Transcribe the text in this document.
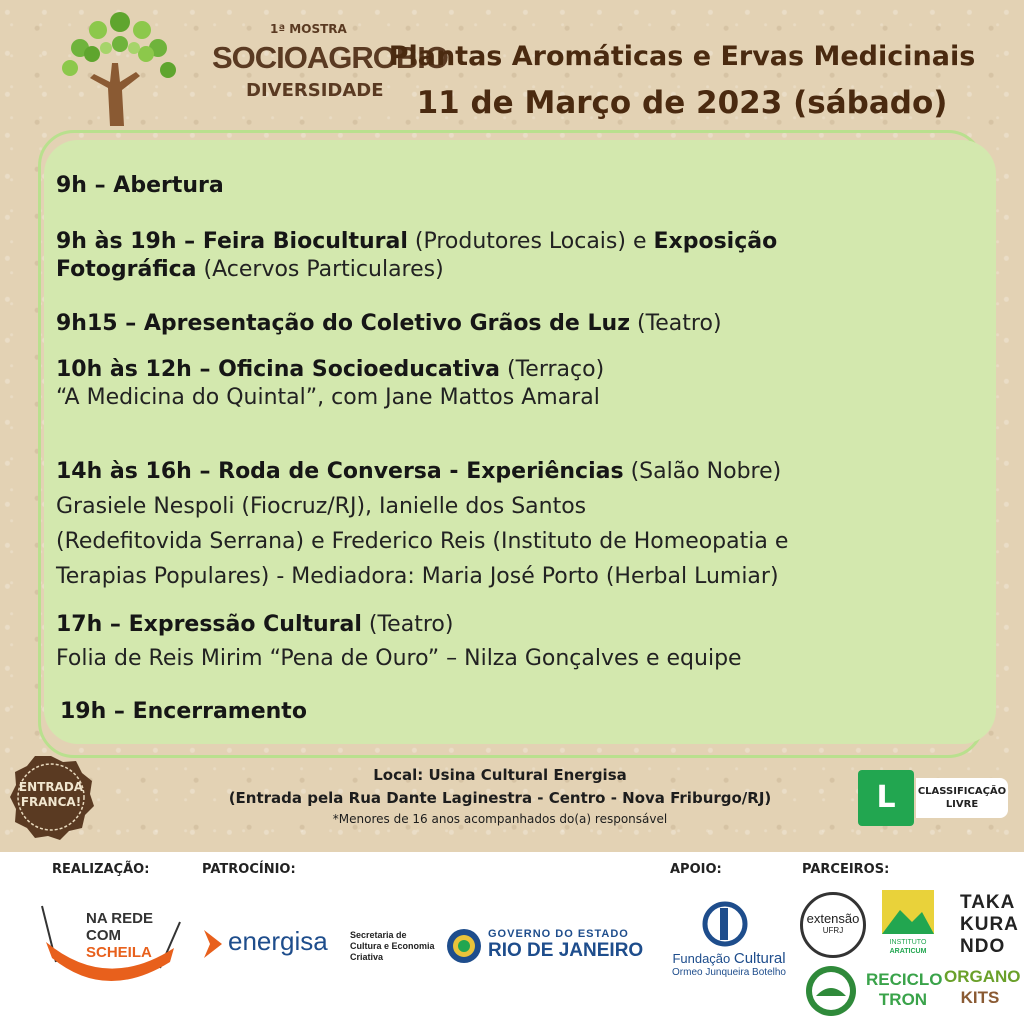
1ª MOSTRA
SOCIOAGROBIO
DIVERSIDADE
Plantas Aromáticas e Ervas Medicinais
11 de Março de 2023 (sábado)
9h – Abertura
9h às 19h – Feira Biocultural (Produtores Locais) e Exposição
Fotográfica (Acervos Particulares)
9h15 – Apresentação do Coletivo Grãos de Luz (Teatro)
10h às 12h – Oficina Socioeducativa (Terraço)
“A Medicina do Quintal”, com Jane Mattos Amaral
14h às 16h – Roda de Conversa - Experiências (Salão Nobre)
Grasiele Nespoli (Fiocruz/RJ), Ianielle dos Santos
(Redefitovida Serrana) e Frederico Reis (Instituto de Homeopatia e
Terapias Populares) - Mediadora: Maria José Porto (Herbal Lumiar)
17h – Expressão Cultural (Teatro)
Folia de Reis Mirim “Pena de Ouro” – Nilza Gonçalves e equipe
19h – Encerramento
ENTRADA
FRANCA!
Local: Usina Cultural Energisa
(Entrada pela Rua Dante Laginestra - Centro - Nova Friburgo/RJ)
*Menores de 16 anos acompanhados do(a) responsável
L	CLASSIFICAÇÃO
LIVRE
REALIZAÇÃO:	PATROCÍNIO:	APOIO:	PARCEIROS:
NA REDE
COM SCHEILA	energisa Secretaria de
Cultura e Economia
Criativa
GOVERNO DO ESTADO
RIO DE JANEIRO	Fundação Cultural
Ormeo Junqueira Botelho
extensão
UFRJ
INSTITUTO
ARATICUM
TAKA
KURA
NDO
RECICLO
TRON
ORGANO
KITS
